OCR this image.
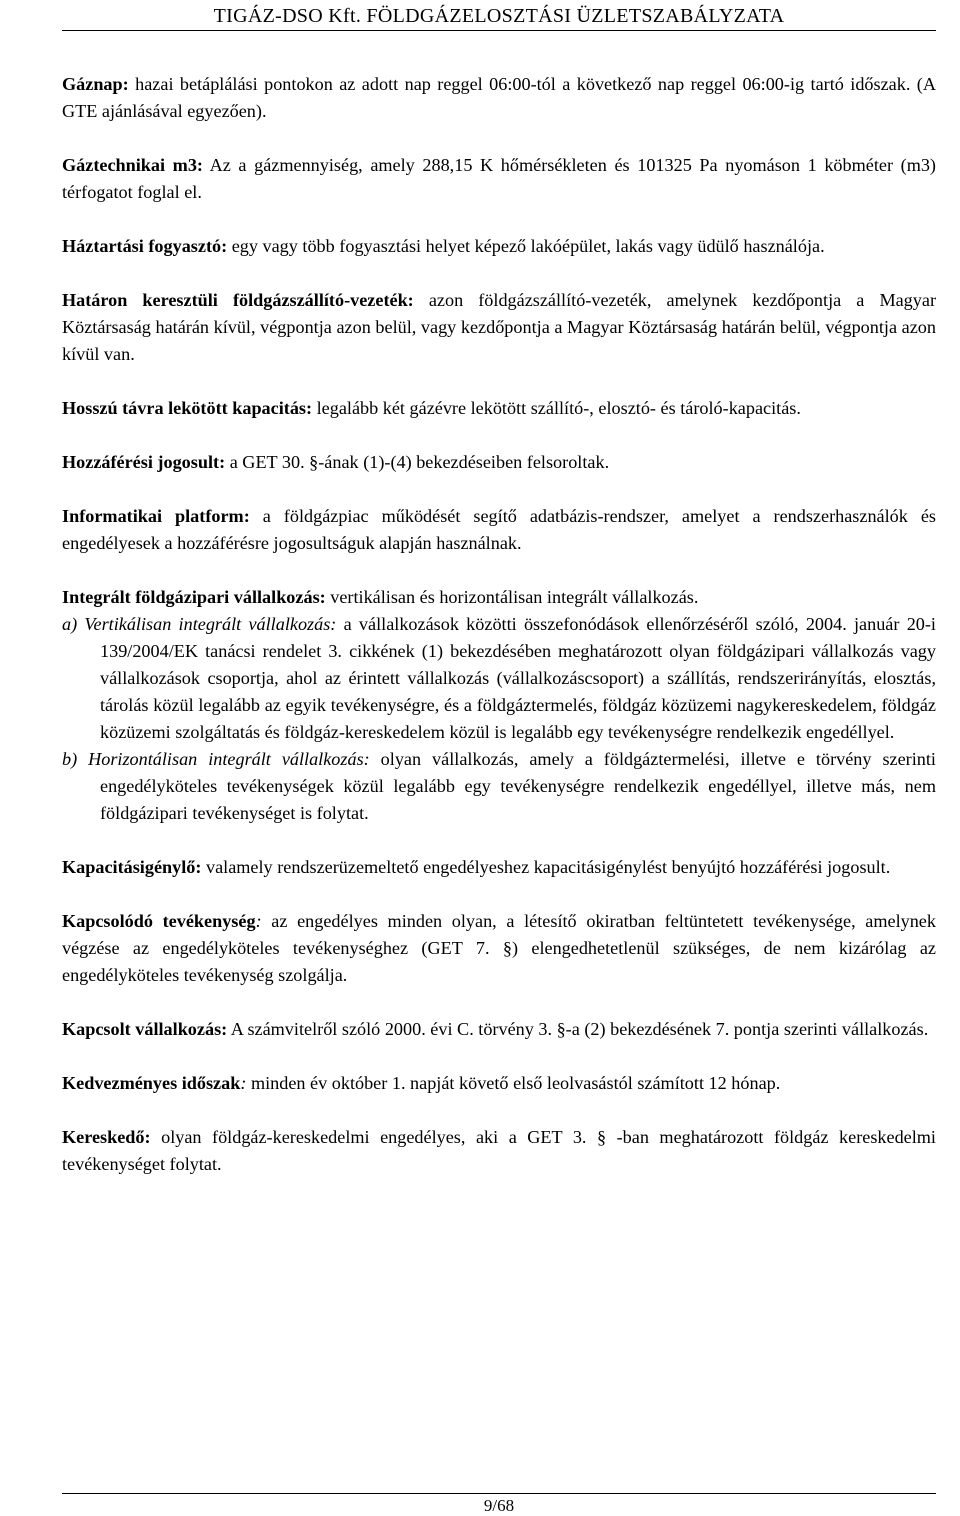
TIGÁZ-DSO Kft. FÖLDGÁZELOSZTÁSI ÜZLETSZABÁLYZATA

Gáznap: hazai betáplálási pontokon az adott nap reggel 06:00-tól a következő nap reggel 06:00-ig tartó időszak. (A GTE ajánlásával egyezően).

Gáztechnikai m3: Az a gázmennyiség, amely 288,15 K hőmérsékleten és 101325 Pa nyomáson 1 köbméter (m3) térfogatot foglal el.

Háztartási fogyasztó: egy vagy több fogyasztási helyet képező lakóépület, lakás vagy üdülő használója.

Határon keresztüli földgázszállító-vezeték: azon földgázszállító-vezeték, amelynek kezdőpontja a Magyar Köztársaság határán kívül, végpontja azon belül, vagy kezdőpontja a Magyar Köztársaság határán belül, végpontja azon kívül van.

Hosszú távra lekötött kapacitás: legalább két gázévre lekötött szállító-, elosztó- és tároló-kapacitás.

Hozzáférési jogosult: a GET 30. §-ának (1)-(4) bekezdéseiben felsoroltak.

Informatikai platform: a földgázpiac működését segítő adatbázis-rendszer, amelyet a rendszerhasználók és engedélyesek a hozzáférésre jogosultságuk alapján használnak.

Integrált földgázipari vállalkozás: vertikálisan és horizontálisan integrált vállalkozás.

a) Vertikálisan integrált vállalkozás: a vállalkozások közötti összefonódások ellenőrzéséről szóló, 2004. január 20-i 139/2004/EK tanácsi rendelet 3. cikkének (1) bekezdésében meghatározott olyan földgázipari vállalkozás vagy vállalkozások csoportja, ahol az érintett vállalkozás (vállalkozáscsoport) a szállítás, rendszerirányítás, elosztás, tárolás közül legalább az egyik tevékenységre, és a földgáztermelés, földgáz közüzemi nagykereskedelem, földgáz közüzemi szolgáltatás és földgáz-kereskedelem közül is legalább egy tevékenységre rendelkezik engedéllyel.

b) Horizontálisan integrált vállalkozás: olyan vállalkozás, amely a földgáztermelési, illetve e törvény szerinti engedélyköteles tevékenységek közül legalább egy tevékenységre rendelkezik engedéllyel, illetve más, nem földgázipari tevékenységet is folytat.

Kapacitásigénylő: valamely rendszerüzemeltető engedélyeshez kapacitásigénylést benyújtó hozzáférési jogosult.

Kapcsolódó tevékenység: az engedélyes minden olyan, a létesítő okiratban feltüntetett tevékenysége, amelynek végzése az engedélyköteles tevékenységhez (GET 7. §) elengedhetetlenül szükséges, de nem kizárólag az engedélyköteles tevékenység szolgálja.

Kapcsolt vállalkozás: A számvitelről szóló 2000. évi C. törvény 3. §-a (2) bekezdésének 7. pontja szerinti vállalkozás.

Kedvezményes időszak: minden év október 1. napját követő első leolvasástól számított 12 hónap.

Kereskedő: olyan földgáz-kereskedelmi engedélyes, aki a GET 3. § -ban meghatározott földgáz kereskedelmi tevékenységet folytat.

9/68
